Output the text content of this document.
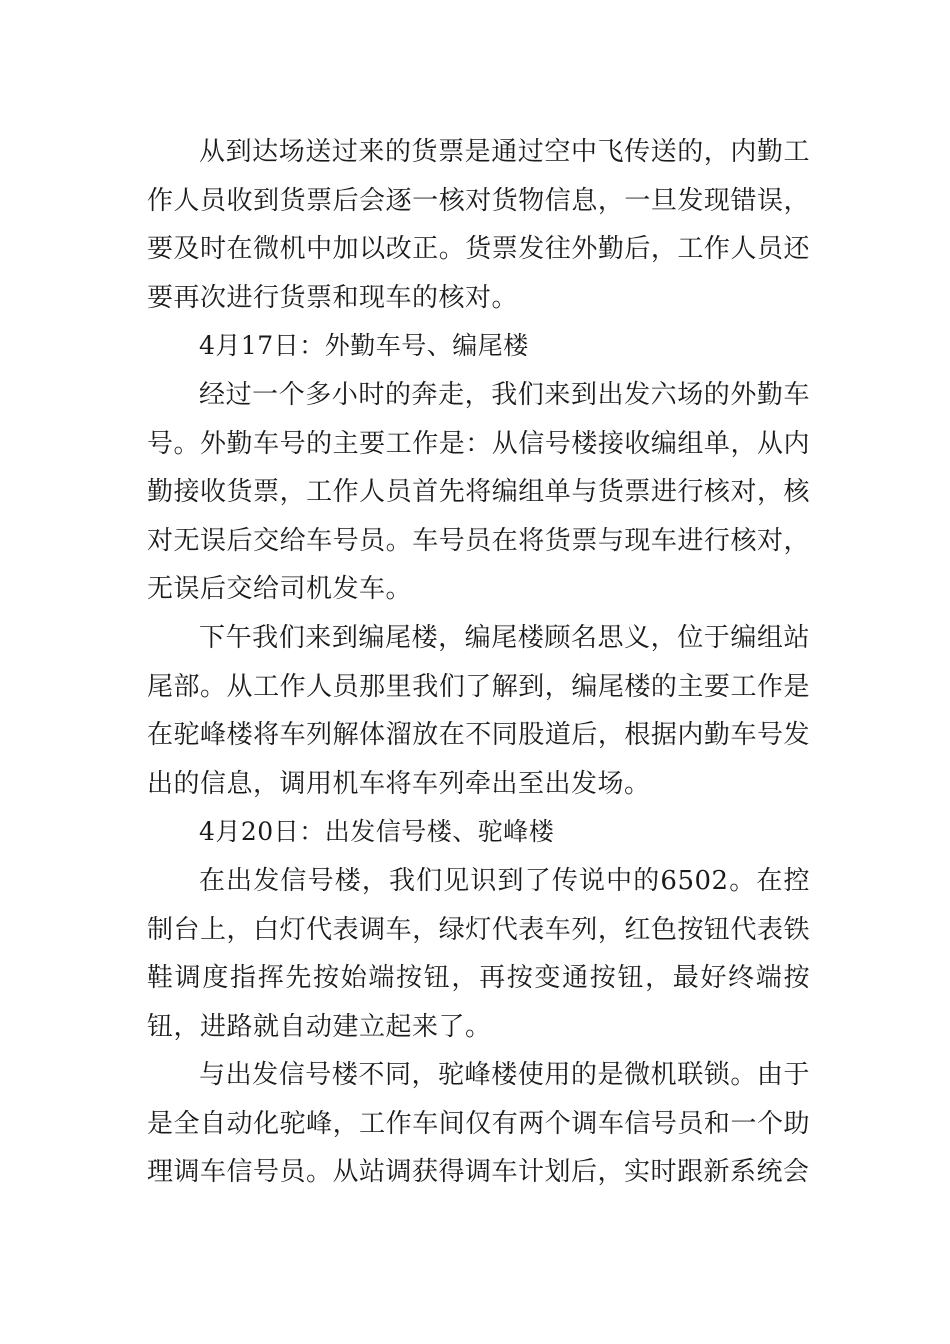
从到达场送过来的货票是通过空中飞传送的，内勤工作人员收到货票后会逐一核对货物信息，一旦发现错误，要及时在微机中加以改正。货票发往外勤后，工作人员还要再次进行货票和现车的核对。

4月17日：外勤车号、编尾楼

经过一个多小时的奔走，我们来到出发六场的外勤车号。外勤车号的主要工作是：从信号楼接收编组单，从内勤接收货票，工作人员首先将编组单与货票进行核对，核对无误后交给车号员。车号员在将货票与现车进行核对，无误后交给司机发车。

下午我们来到编尾楼，编尾楼顾名思义，位于编组站尾部。从工作人员那里我们了解到，编尾楼的主要工作是在驼峰楼将车列解体溜放在不同股道后，根据内勤车号发出的信息，调用机车将车列牵出至出发场。

4月20日：出发信号楼、驼峰楼

在出发信号楼，我们见识到了传说中的6502。在控制台上，白灯代表调车，绿灯代表车列，红色按钮代表铁鞋调度指挥先按始端按钮，再按变通按钮，最好终端按钮，进路就自动建立起来了。

与出发信号楼不同，驼峰楼使用的是微机联锁。由于是全自动化驼峰，工作车间仅有两个调车信号员和一个助理调车信号员。从站调获得调车计划后，实时跟新系统会
